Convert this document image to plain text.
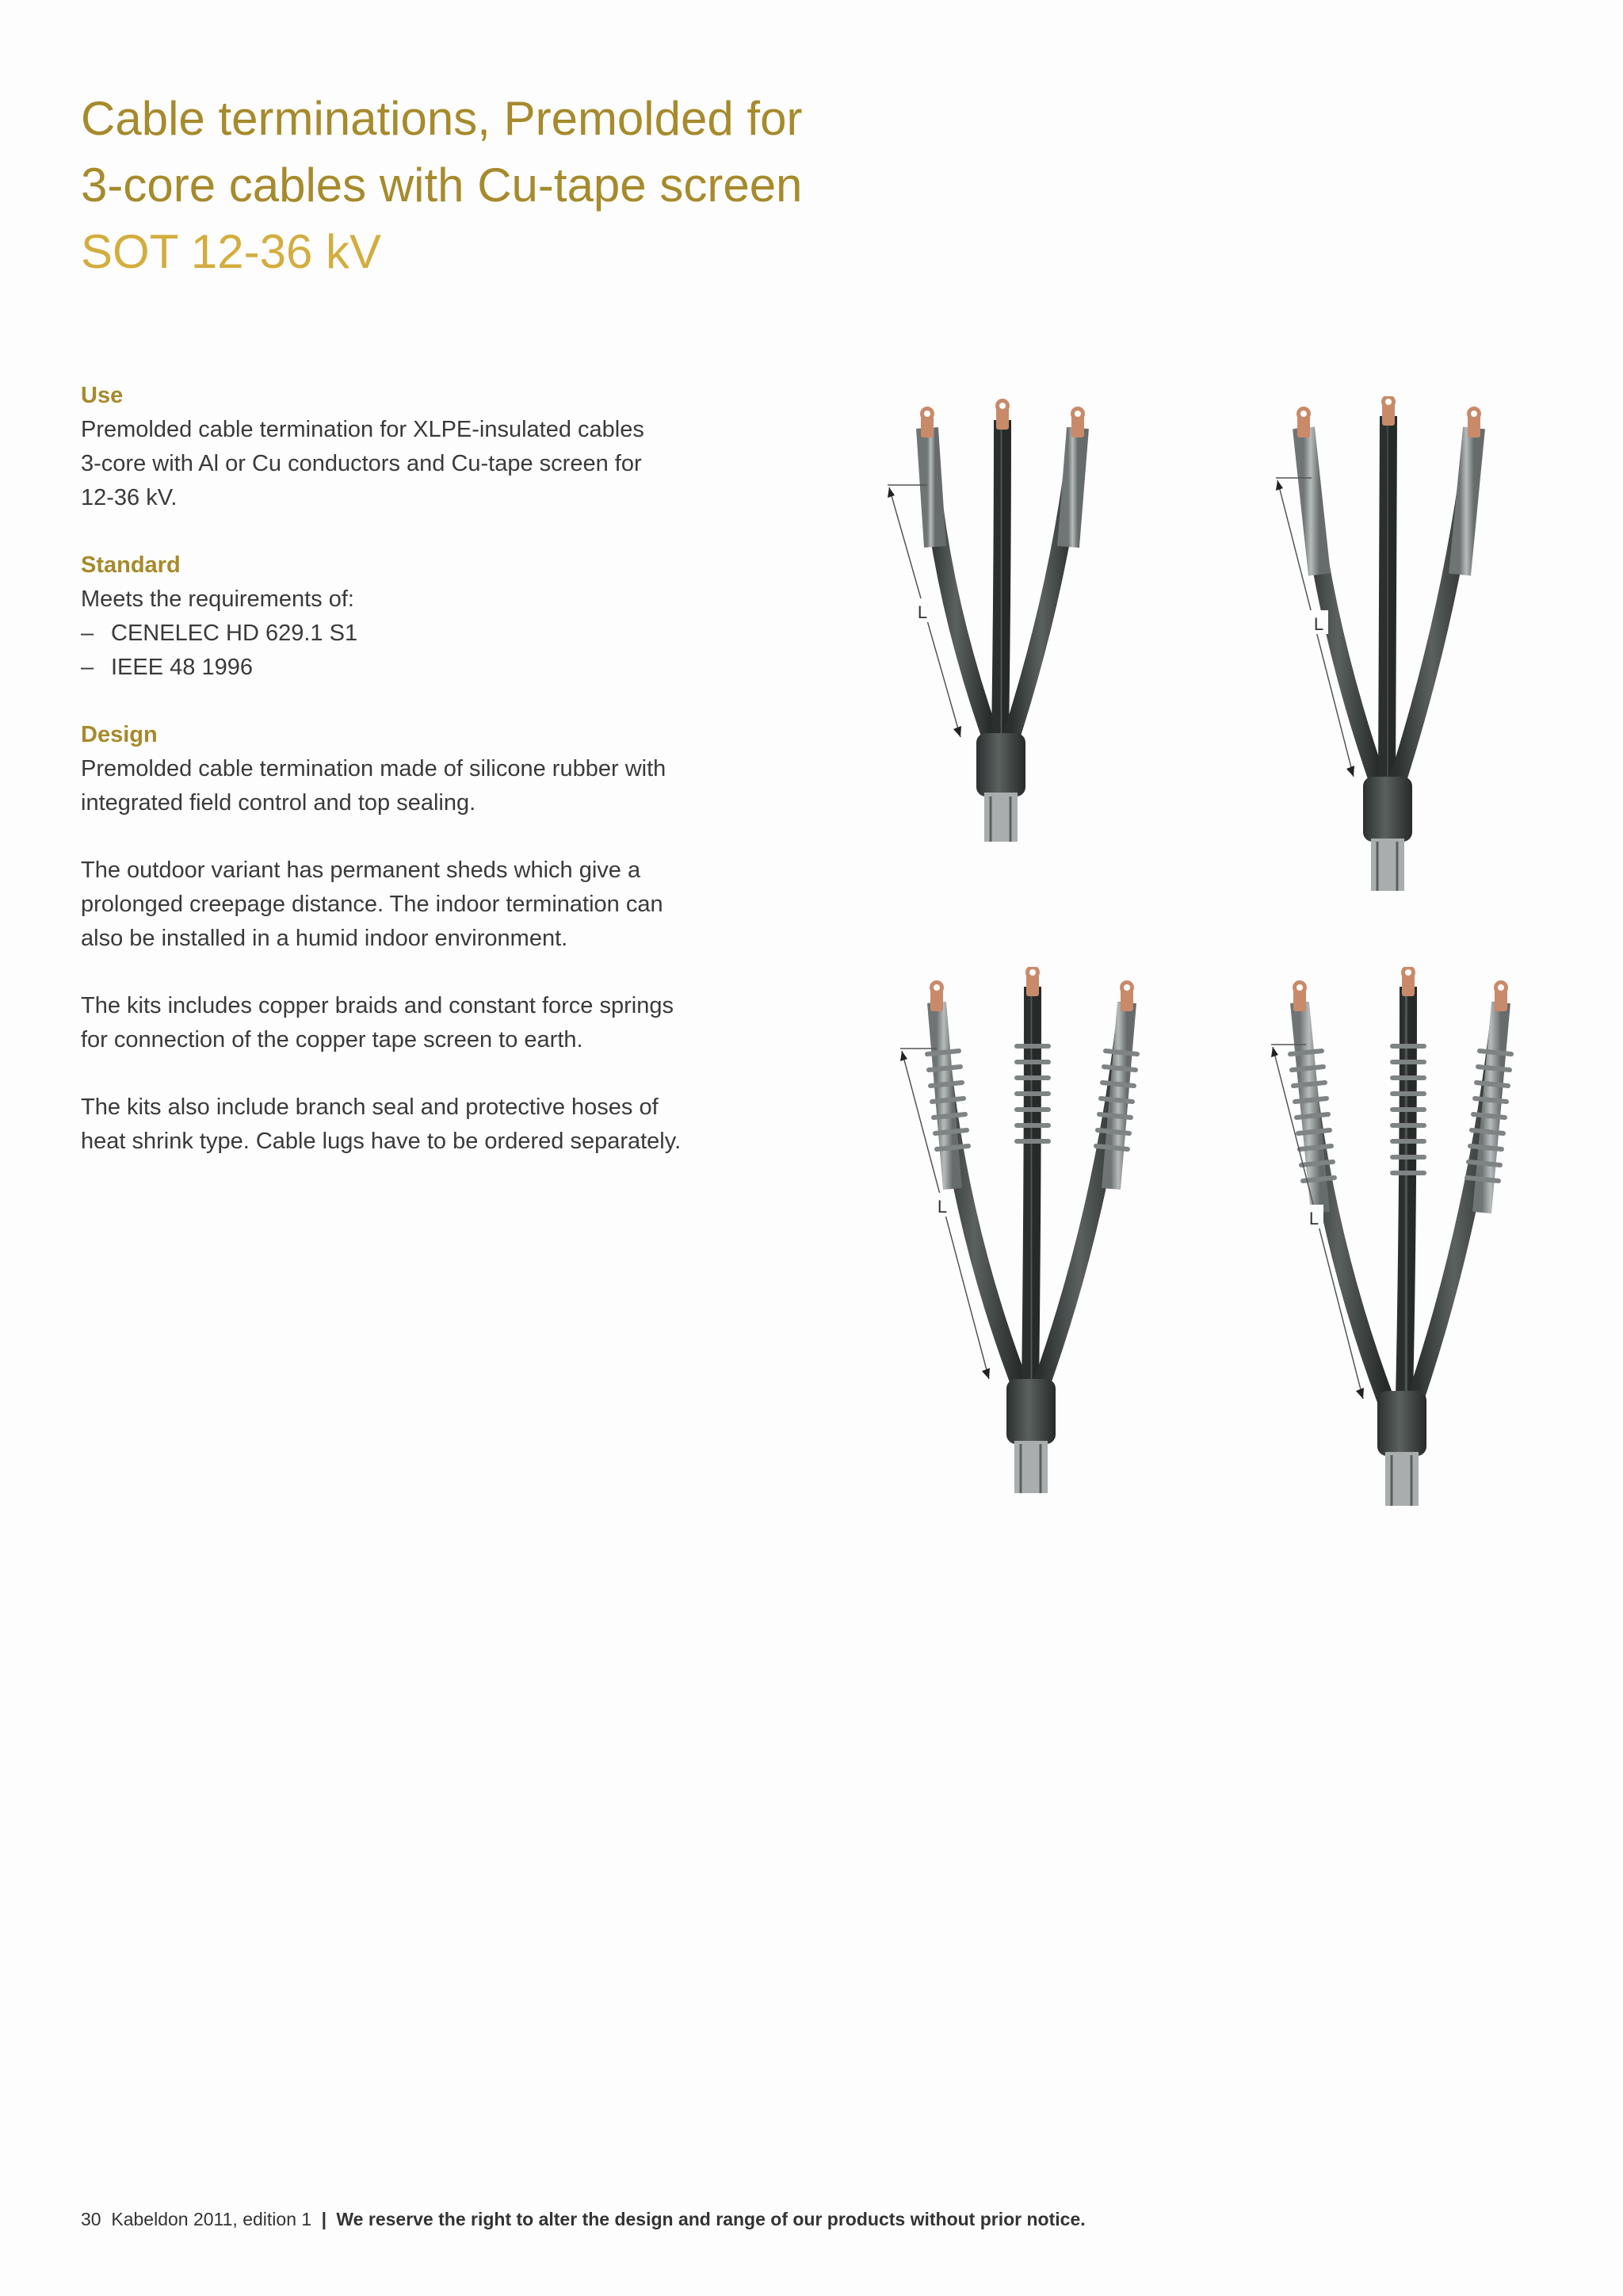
Cable terminations, Premolded for
3-core cables with Cu-tape screen
SOT 12-36 kV
Use
Premolded cable termination for XLPE-insulated cables
3-core with Al or Cu conductors and Cu-tape screen for
12-36 kV.
Standard
Meets the requirements of:
– CENELEC HD 629.1 S1
– IEEE 48 1996
Design
Premolded cable termination made of silicone rubber with
integrated field control and top sealing.
The outdoor variant has permanent sheds which give a
prolonged creepage distance. The indoor termination can
also be installed in a humid indoor environment.
The kits includes copper braids and constant force springs
for connection of the copper tape screen to earth.
The kits also include branch seal and protective hoses of
heat shrink type. Cable lugs have to be ordered separately.
L
L
L
L
30 Kabeldon 2011, edition 1 | We reserve the right to alter the design and range of our products without prior notice.
